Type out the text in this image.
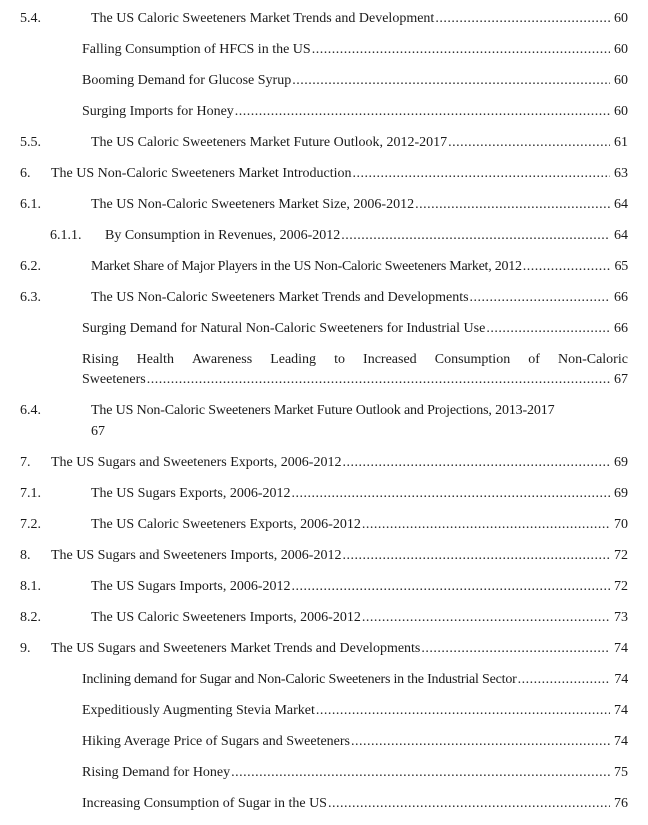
5.4.	The US Caloric Sweeteners Market Trends and Development .....	60
Falling Consumption of HFCS in the US .....	60
Booming Demand for Glucose Syrup .....	60
Surging Imports for Honey .....	60
5.5.	The US Caloric Sweeteners Market Future Outlook, 2012-2017 .....	61
6. The US Non-Caloric Sweeteners Market Introduction .....	63
6.1.	The US Non-Caloric Sweeteners Market Size, 2006-2012 .....	64
6.1.1. By Consumption in Revenues, 2006-2012 .....	64
6.2.	Market Share of Major Players in the US Non-Caloric Sweeteners Market, 2012 .....	65
6.3.	The US Non-Caloric Sweeteners Market Trends and Developments .....	66
Surging Demand for Natural Non-Caloric Sweeteners for Industrial Use .....	66
Rising Health Awareness Leading to Increased Consumption of Non-Caloric
Sweeteners .....	67
6.4.	The US Non-Caloric Sweeteners Market Future Outlook and Projections, 2013-2017
67
7. The US Sugars and Sweeteners Exports, 2006-2012 .....	69
7.1.	The US Sugars Exports, 2006-2012 .....	69
7.2.	The US Caloric Sweeteners Exports, 2006-2012 .....	70
8. The US Sugars and Sweeteners Imports, 2006-2012 .....	72
8.1.	The US Sugars Imports, 2006-2012 .....	72
8.2.	The US Caloric Sweeteners Imports, 2006-2012 .....	73
9. The US Sugars and Sweeteners Market Trends and Developments .....	74
Inclining demand for Sugar and Non-Caloric Sweeteners in the Industrial Sector .....	74
Expeditiously Augmenting Stevia Market .....	74
Hiking Average Price of Sugars and Sweeteners .....	74
Rising Demand for Honey .....	75
Increasing Consumption of Sugar in the US .....	76
